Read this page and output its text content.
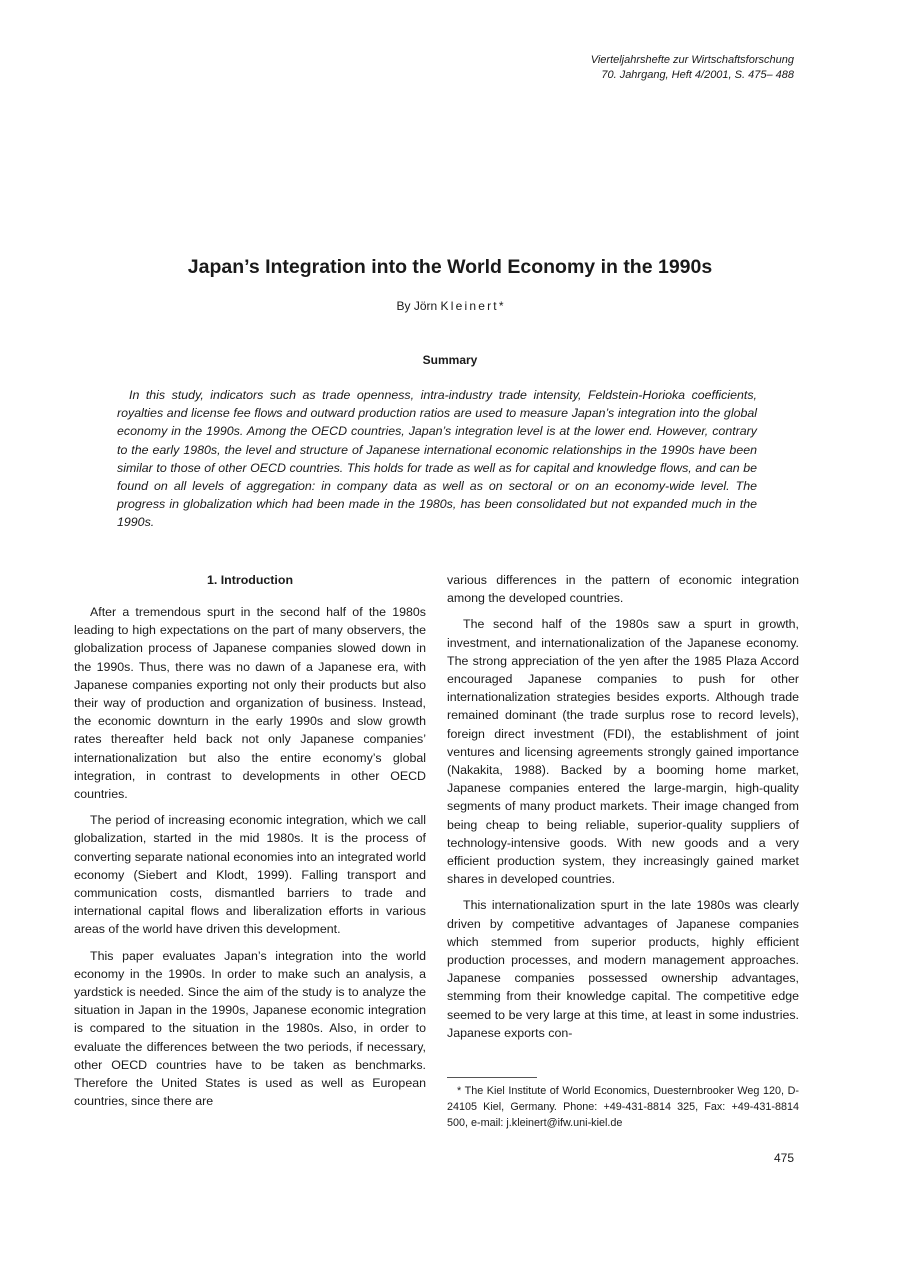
Vierteljahrshefte zur Wirtschaftsforschung
70. Jahrgang, Heft 4/2001, S. 475– 488
Japan’s Integration into the World Economy in the 1990s
By Jörn Kleinert*
Summary

In this study, indicators such as trade openness, intra-industry trade intensity, Feldstein-Horioka coefficients, royalties and license fee flows and outward production ratios are used to measure Japan’s integration into the global economy in the 1990s. Among the OECD countries, Japan’s integration level is at the lower end. However, contrary to the early 1980s, the level and structure of Japanese international economic relationships in the 1990s have been similar to those of other OECD countries. This holds for trade as well as for capital and knowledge flows, and can be found on all levels of aggregation: in company data as well as on sectoral or on an economy-wide level. The progress in globalization which had been made in the 1980s, has been consolidated but not expanded much in the 1990s.

1. Introduction

After a tremendous spurt in the second half of the 1980s leading to high expectations on the part of many observers, the globalization process of Japanese companies slowed down in the 1990s. Thus, there was no dawn of a Japanese era, with Japanese companies exporting not only their products but also their way of production and organization of business. Instead, the economic downturn in the early 1990s and slow growth rates thereafter held back not only Japanese companies’ internationalization but also the entire economy’s global integration, in contrast to developments in other OECD countries.

The period of increasing economic integration, which we call globalization, started in the mid 1980s. It is the process of converting separate national economies into an integrated world economy (Siebert and Klodt, 1999). Falling transport and communication costs, dismantled barriers to trade and international capital flows and liberalization efforts in various areas of the world have driven this development.

This paper evaluates Japan’s integration into the world economy in the 1990s. In order to make such an analysis, a yardstick is needed. Since the aim of the study is to analyze the situation in Japan in the 1990s, Japanese economic integration is compared to the situation in the 1980s. Also, in order to evaluate the differences between the two periods, if necessary, other OECD countries have to be taken as benchmarks. Therefore the United States is used as well as European countries, since there are

various differences in the pattern of economic integration among the developed countries.

The second half of the 1980s saw a spurt in growth, investment, and internationalization of the Japanese economy. The strong appreciation of the yen after the 1985 Plaza Accord encouraged Japanese companies to push for other internationalization strategies besides exports. Although trade remained dominant (the trade surplus rose to record levels), foreign direct investment (FDI), the establishment of joint ventures and licensing agreements strongly gained importance (Nakakita, 1988). Backed by a booming home market, Japanese companies entered the large-margin, high-quality segments of many product markets. Their image changed from being cheap to being reliable, superior-quality suppliers of technology-intensive goods. With new goods and a very efficient production system, they increasingly gained market shares in developed countries.

This internationalization spurt in the late 1980s was clearly driven by competitive advantages of Japanese companies which stemmed from superior products, highly efficient production processes, and modern management approaches. Japanese companies possessed ownership advantages, stemming from their knowledge capital. The competitive edge seemed to be very large at this time, at least in some industries. Japanese exports con-

* The Kiel Institute of World Economics, Duesternbrooker Weg 120, D-24105 Kiel, Germany. Phone: +49-431-8814 325, Fax: +49-431-8814 500, e-mail: j.kleinert@ifw.uni-kiel.de
475
